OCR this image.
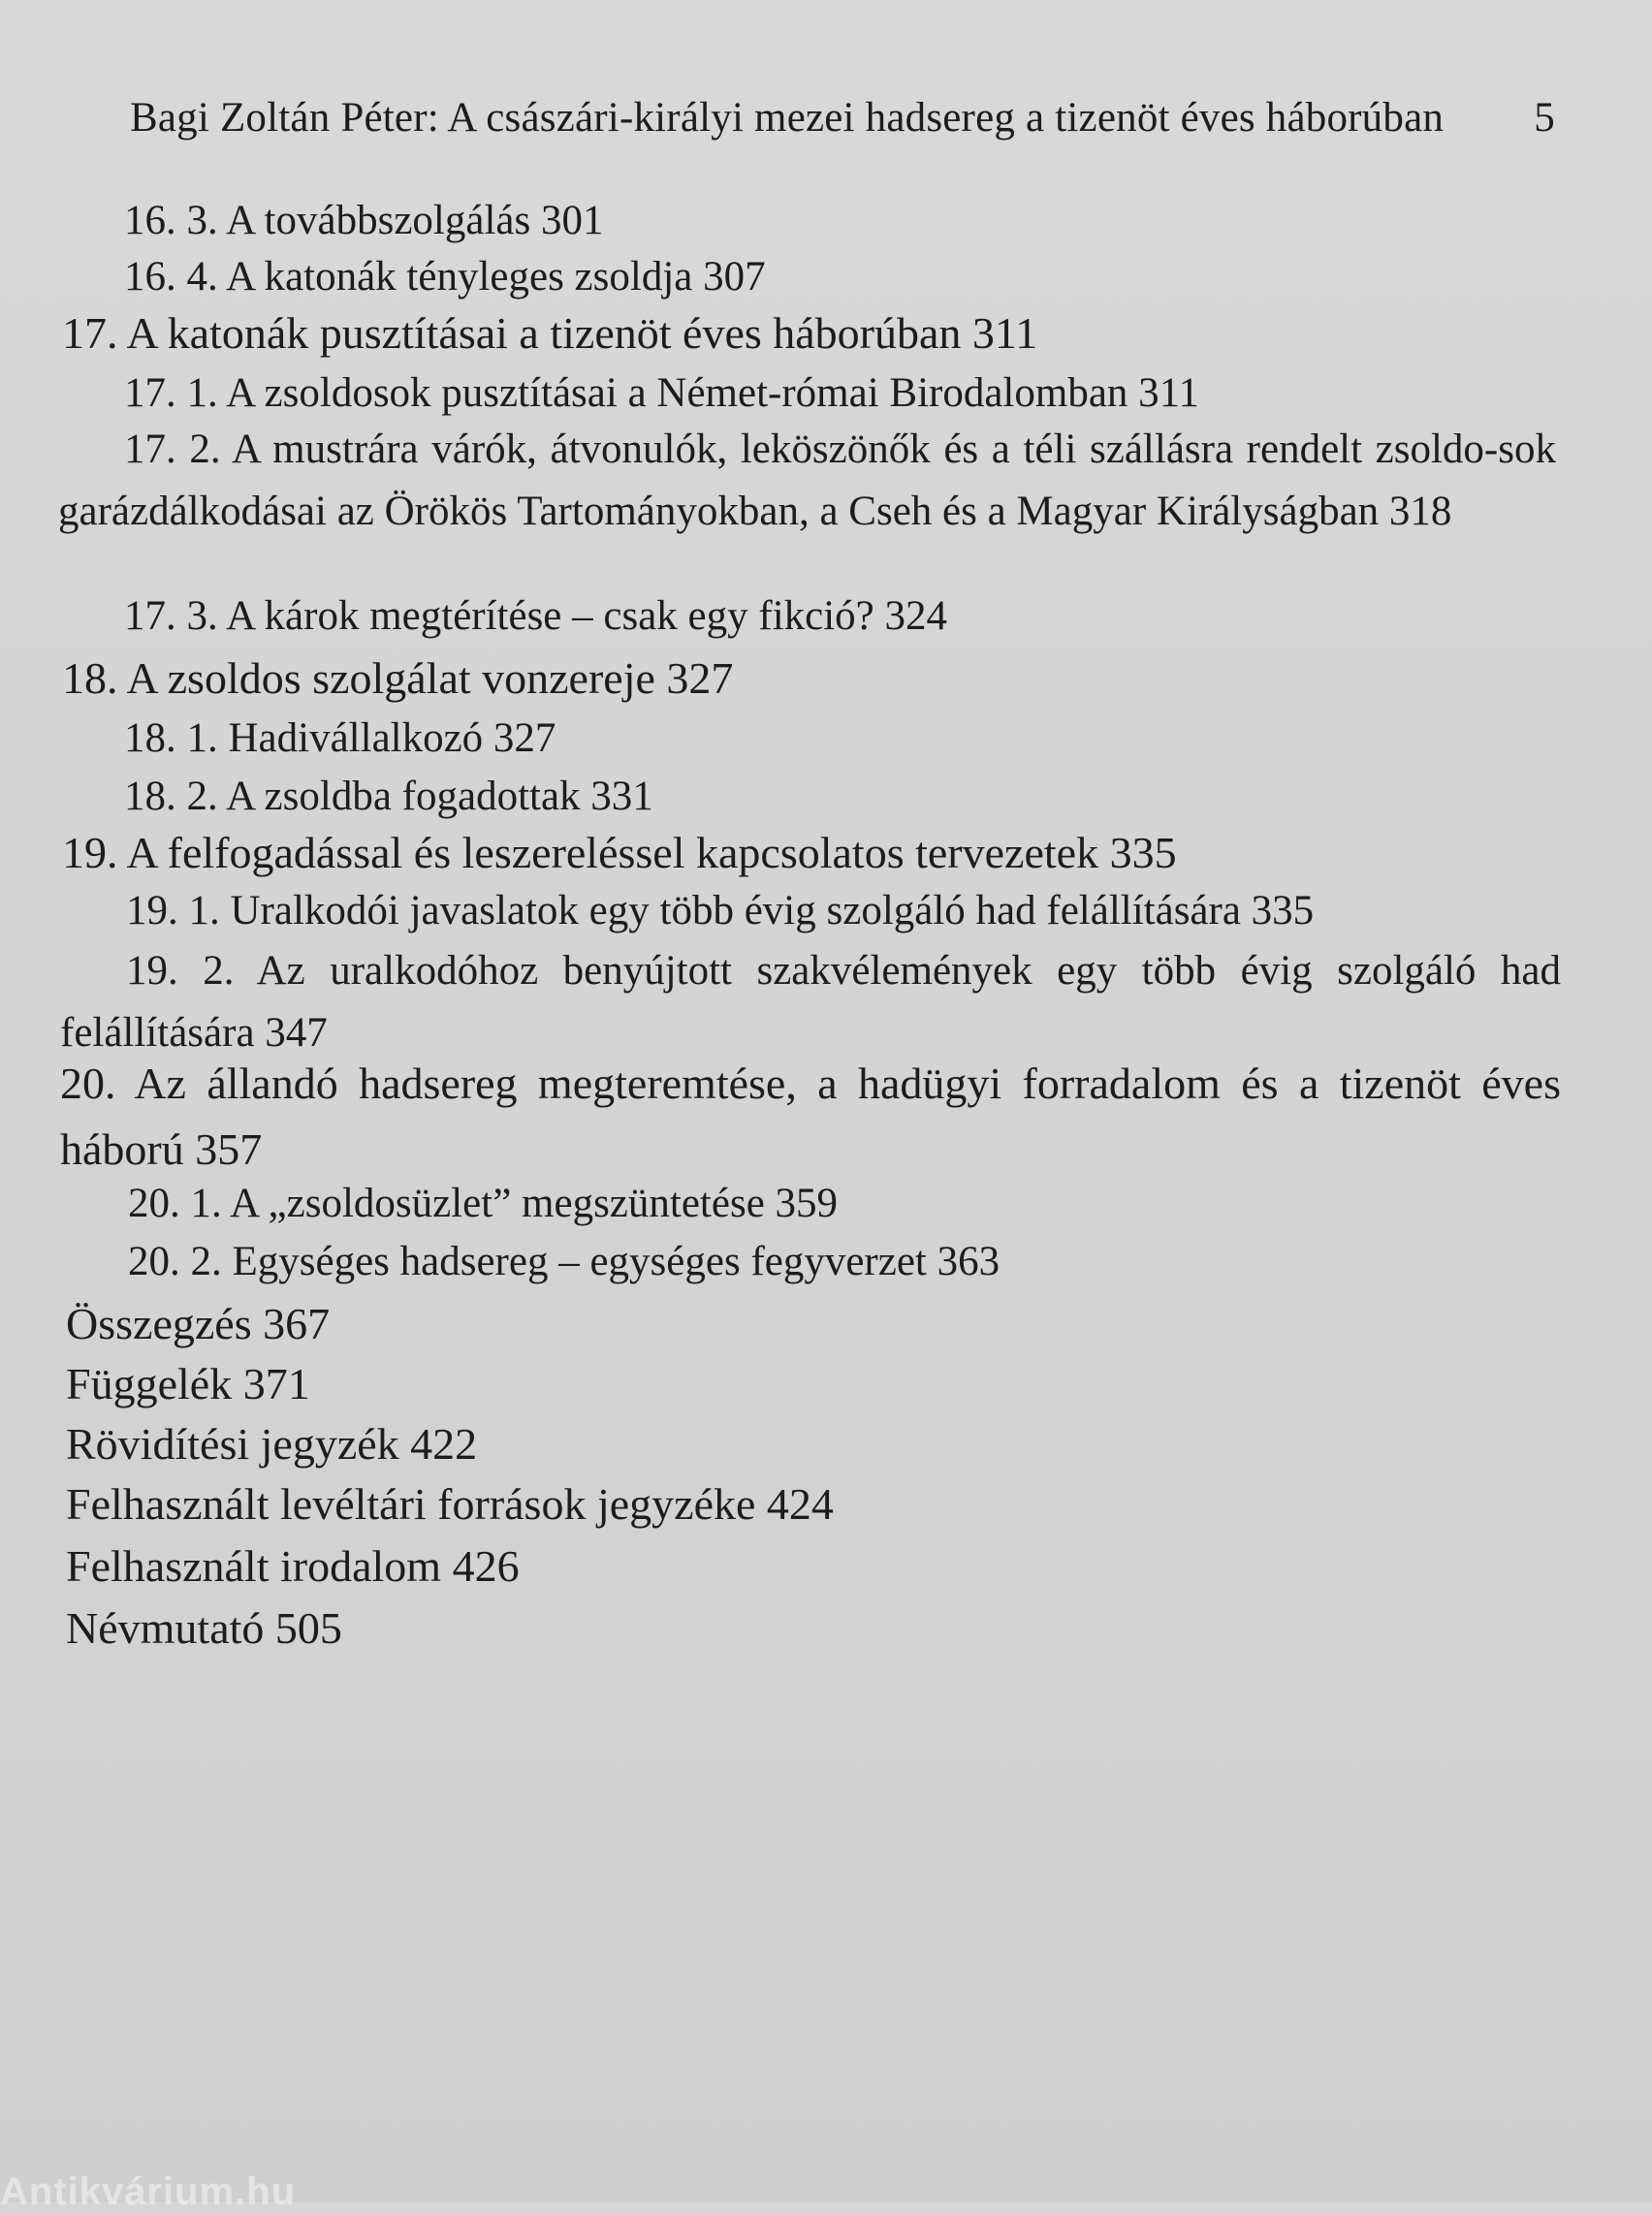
Bagi Zoltán Péter: A császári-királyi mezei hadsereg a tizenöt éves háborúban 5
16. 3. A továbbszolgálás 301
16. 4. A katonák tényleges zsoldja 307
17. A katonák pusztításai a tizenöt éves háborúban 311
17. 1. A zsoldosok pusztításai a Német-római Birodalomban 311
17. 2. A mustrára várók, átvonulók, leköszönők és a téli szállásra rendelt zsoldo-sok garázdálkodásai az Örökös Tartományokban, a Cseh és a Magyar Királyságban 318
17. 3. A károk megtérítése – csak egy fikció? 324
18. A zsoldos szolgálat vonzereje 327
18. 1. Hadivállalkozó 327
18. 2. A zsoldba fogadottak 331
19. A felfogadással és leszereléssel kapcsolatos tervezetek 335
19. 1. Uralkodói javaslatok egy több évig szolgáló had felállítására 335
19. 2. Az uralkodóhoz benyújtott szakvélemények egy több évig szolgáló had felállítására 347
20. Az állandó hadsereg megteremtése, a hadügyi forradalom és a tizenöt éves háború 357
20. 1. A „zsoldosüzlet” megszüntetése 359
20. 2. Egységes hadsereg – egységes fegyverzet 363
Összegzés 367
Függelék 371
Rövidítési jegyzék 422
Felhasznált levéltári források jegyzéke 424
Felhasznált irodalom 426
Névmutató 505
Antikvárium.hu
